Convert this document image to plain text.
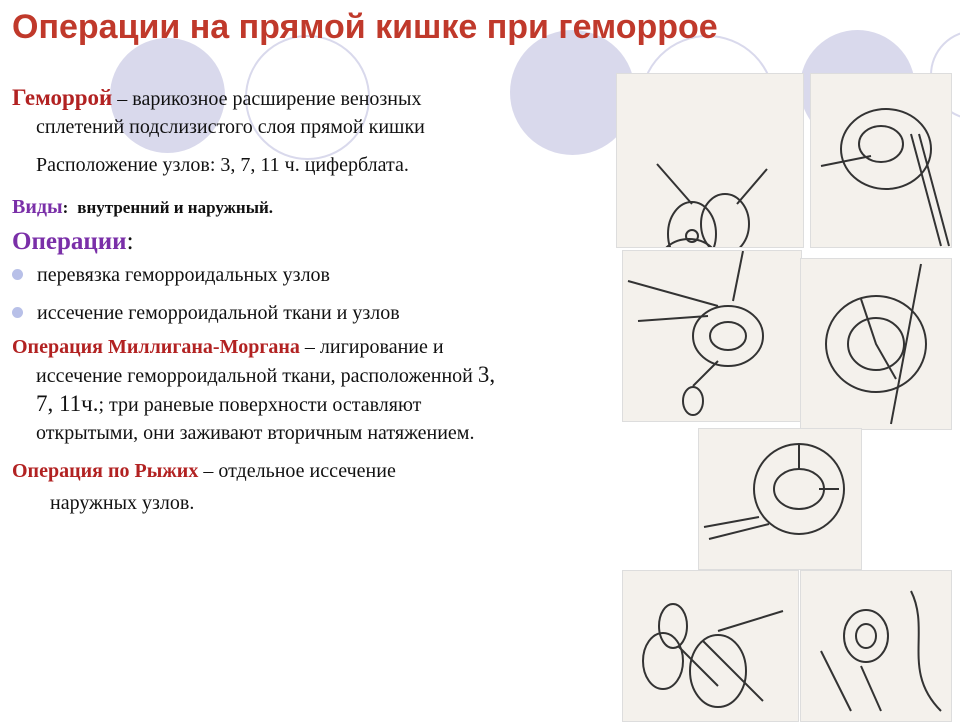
Операции на прямой кишке при геморрое
Геморрой – варикозное расширение венозных
сплетений подслизистого слоя прямой кишки
Расположение узлов: 3, 7, 11 ч. циферблата.
Виды: внутренний и наружный.
Операции:
перевязка геморроидальных узлов
иссечение геморроидальной ткани и узлов
Операция Миллигана-Моргана – лигирование и
иссечение геморроидальной ткани, расположенной 3,
7, 11ч.; три раневые поверхности оставляют
открытыми, они заживают вторичным натяжением.
Операция по Рыжих – отдельное иссечение
наружных узлов.
